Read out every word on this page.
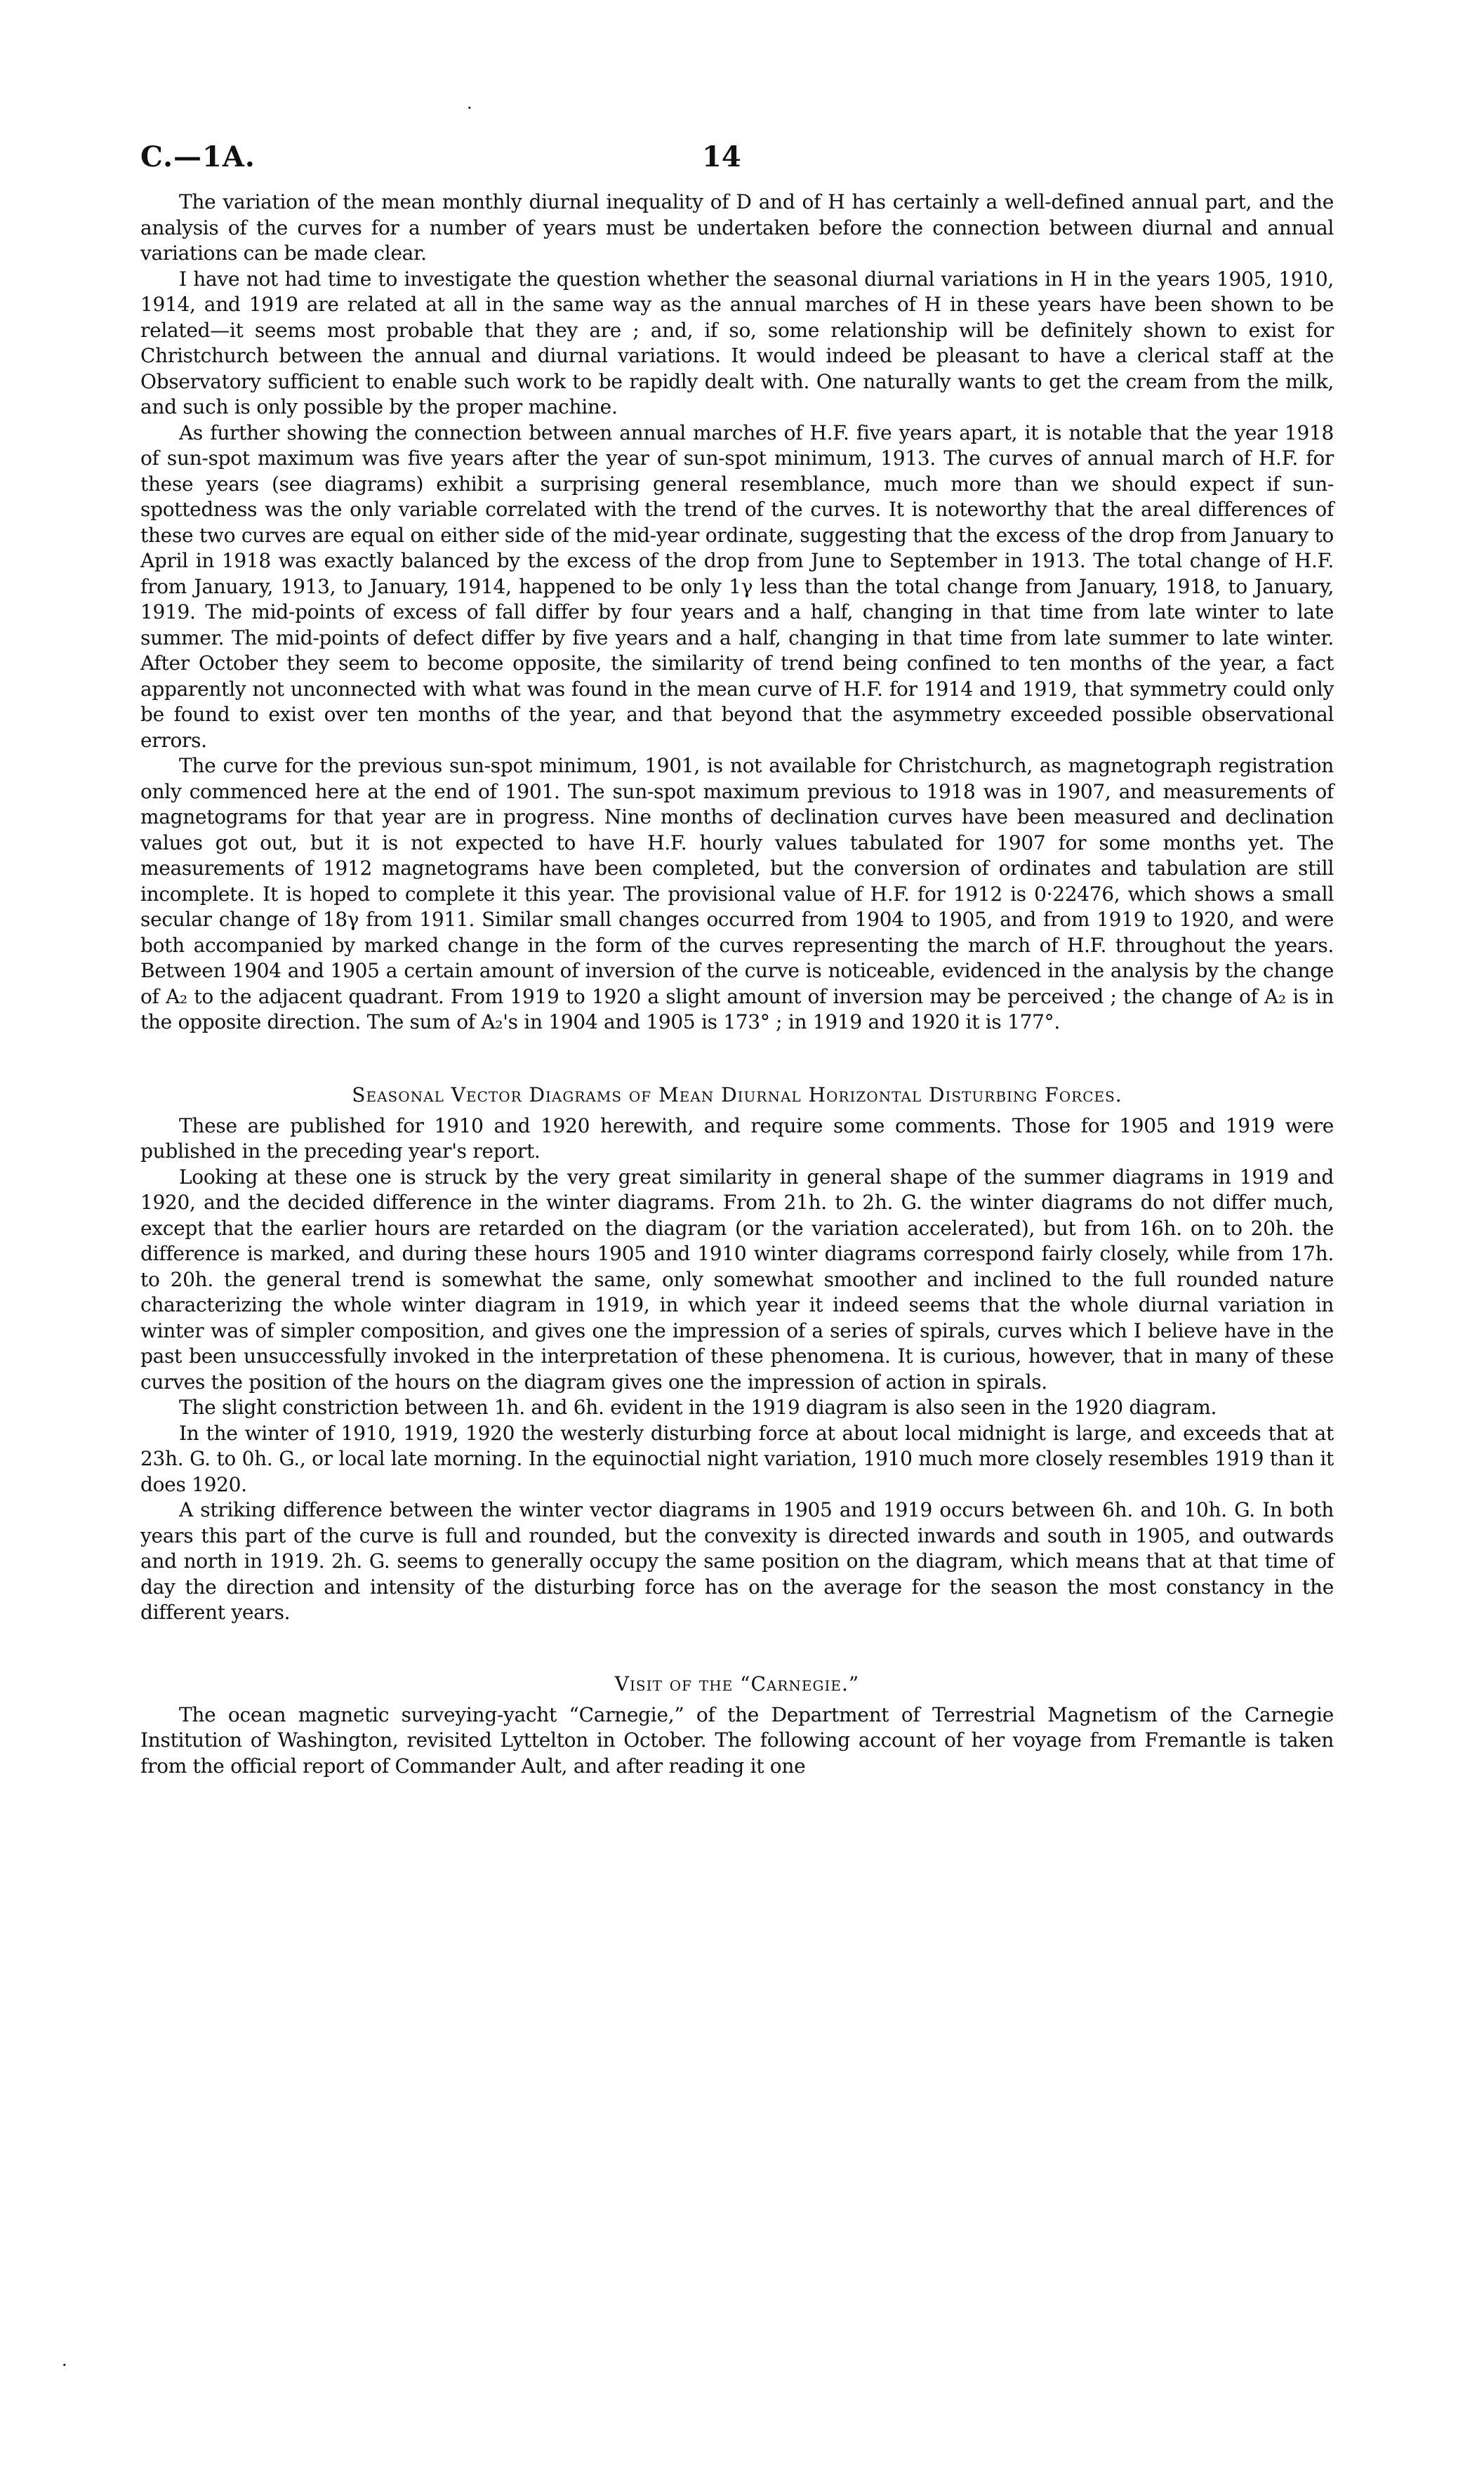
C.—1A.	14

The variation of the mean monthly diurnal inequality of D and of H has certainly a well-defined annual part, and the analysis of the curves for a number of years must be undertaken before the connection between diurnal and annual variations can be made clear.

I have not had time to investigate the question whether the seasonal diurnal variations in H in the years 1905, 1910, 1914, and 1919 are related at all in the same way as the annual marches of H in these years have been shown to be related—it seems most probable that they are ; and, if so, some relationship will be definitely shown to exist for Christchurch between the annual and diurnal variations. It would indeed be pleasant to have a clerical staff at the Observatory sufficient to enable such work to be rapidly dealt with. One naturally wants to get the cream from the milk, and such is only possible by the proper machine.

As further showing the connection between annual marches of H.F. five years apart, it is notable that the year 1918 of sun-spot maximum was five years after the year of sun-spot minimum, 1913. The curves of annual march of H.F. for these years (see diagrams) exhibit a surprising general resemblance, much more than we should expect if sun-spottedness was the only variable correlated with the trend of the curves. It is noteworthy that the areal differences of these two curves are equal on either side of the mid-year ordinate, suggesting that the excess of the drop from January to April in 1918 was exactly balanced by the excess of the drop from June to September in 1913. The total change of H.F. from January, 1913, to January, 1914, happened to be only 1γ less than the total change from January, 1918, to January, 1919. The mid-points of excess of fall differ by four years and a half, changing in that time from late winter to late summer. The mid-points of defect differ by five years and a half, changing in that time from late summer to late winter. After October they seem to become opposite, the similarity of trend being confined to ten months of the year, a fact apparently not unconnected with what was found in the mean curve of H.F. for 1914 and 1919, that symmetry could only be found to exist over ten months of the year, and that beyond that the asymmetry exceeded possible observational errors.

The curve for the previous sun-spot minimum, 1901, is not available for Christchurch, as magnetograph registration only commenced here at the end of 1901. The sun-spot maximum previous to 1918 was in 1907, and measurements of magnetograms for that year are in progress. Nine months of declination curves have been measured and declination values got out, but it is not expected to have H.F. hourly values tabulated for 1907 for some months yet. The measurements of 1912 magnetograms have been completed, but the conversion of ordinates and tabulation are still incomplete. It is hoped to complete it this year. The provisional value of H.F. for 1912 is 0·22476, which shows a small secular change of 18γ from 1911. Similar small changes occurred from 1904 to 1905, and from 1919 to 1920, and were both accompanied by marked change in the form of the curves representing the march of H.F. throughout the years. Between 1904 and 1905 a certain amount of inversion of the curve is noticeable, evidenced in the analysis by the change of A₂ to the adjacent quadrant. From 1919 to 1920 a slight amount of inversion may be perceived ; the change of A₂ is in the opposite direction. The sum of A₂'s in 1904 and 1905 is 173° ; in 1919 and 1920 it is 177°.

Seasonal Vector Diagrams of Mean Diurnal Horizontal Disturbing Forces.

These are published for 1910 and 1920 herewith, and require some comments. Those for 1905 and 1919 were published in the preceding year's report.

Looking at these one is struck by the very great similarity in general shape of the summer diagrams in 1919 and 1920, and the decided difference in the winter diagrams. From 21h. to 2h. G. the winter diagrams do not differ much, except that the earlier hours are retarded on the diagram (or the variation accelerated), but from 16h. on to 20h. the difference is marked, and during these hours 1905 and 1910 winter diagrams correspond fairly closely, while from 17h. to 20h. the general trend is somewhat the same, only somewhat smoother and inclined to the full rounded nature characterizing the whole winter diagram in 1919, in which year it indeed seems that the whole diurnal variation in winter was of simpler composition, and gives one the impression of a series of spirals, curves which I believe have in the past been unsuccessfully invoked in the interpretation of these phenomena. It is curious, however, that in many of these curves the position of the hours on the diagram gives one the impression of action in spirals.

The slight constriction between 1h. and 6h. evident in the 1919 diagram is also seen in the 1920 diagram.

In the winter of 1910, 1919, 1920 the westerly disturbing force at about local midnight is large, and exceeds that at 23h. G. to 0h. G., or local late morning. In the equinoctial night variation, 1910 much more closely resembles 1919 than it does 1920.

A striking difference between the winter vector diagrams in 1905 and 1919 occurs between 6h. and 10h. G. In both years this part of the curve is full and rounded, but the convexity is directed inwards and south in 1905, and outwards and north in 1919. 2h. G. seems to generally occupy the same position on the diagram, which means that at that time of day the direction and intensity of the disturbing force has on the average for the season the most constancy in the different years.

Visit of the “Carnegie.”

The ocean magnetic surveying-yacht “Carnegie,” of the Department of Terrestrial Magnetism of the Carnegie Institution of Washington, revisited Lyttelton in October. The following account of her voyage from Fremantle is taken from the official report of Commander Ault, and after reading it one

·
·
